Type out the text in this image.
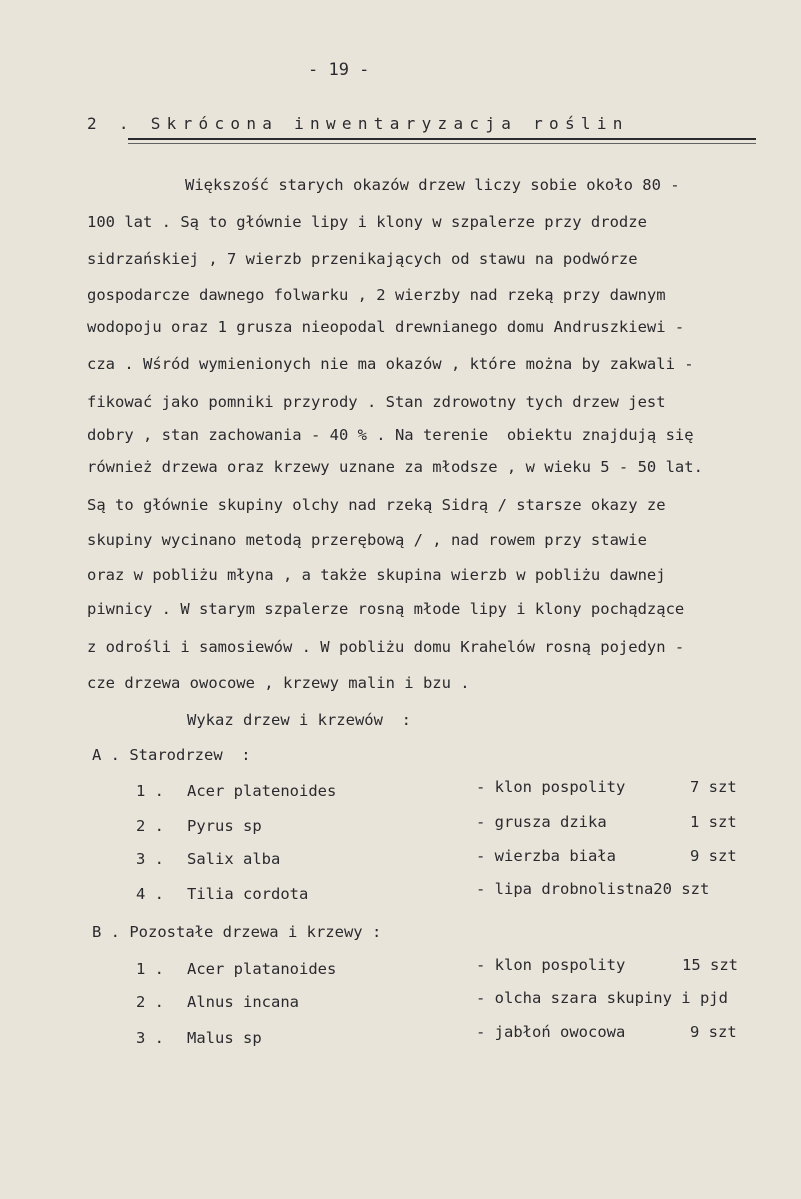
- 19 -
2 . Skrócona inwentaryzacja roślin
Większość starych okazów drzew liczy sobie około 80 -
100 lat . Są to głównie lipy i klony w szpalerze przy drodze
sidrzańskiej , 7 wierzb przenikających od stawu na podwórze
gospodarcze dawnego folwarku , 2 wierzby nad rzeką przy dawnym
wodopoju oraz 1 grusza nieopodal drewnianego domu Andruszkiewi -
cza . Wśród wymienionych nie ma okazów , które można by zakwali -
fikować jako pomniki przyrody . Stan zdrowotny tych drzew jest
dobry , stan zachowania - 40 % . Na terenie  obiektu znajdują się
również drzewa oraz krzewy uznane za młodsze , w wieku 5 - 50 lat.
Są to głównie skupiny olchy nad rzeką Sidrą / starsze okazy ze
skupiny wycinano metodą przerębową / , nad rowem przy stawie
oraz w pobliżu młyna , a także skupina wierzb w pobliżu dawnej
piwnicy . W starym szpalerze rosną młode lipy i klony pochądzące
z odrośli i samosiewów . W pobliżu domu Krahelów rosną pojedyn -
cze drzewa owocowe , krzewy malin i bzu .
Wykaz drzew i krzewów  :
A . Starodrzew  :
1 . Acer platenoides	- klon pospolity	7 szt
2 . Pyrus sp	- grusza dzika	1 szt
3 . Salix alba	- wierzba biała	9 szt
4 . Tilia cordota	- lipa drobnolistna20 szt
B . Pozostałe drzewa i krzewy :
1 . Acer platanoides	- klon pospolity	15 szt
2 . Alnus incana	- olcha szara skupiny i pjd
3 . Malus sp	- jabłoń owocowa	9 szt
